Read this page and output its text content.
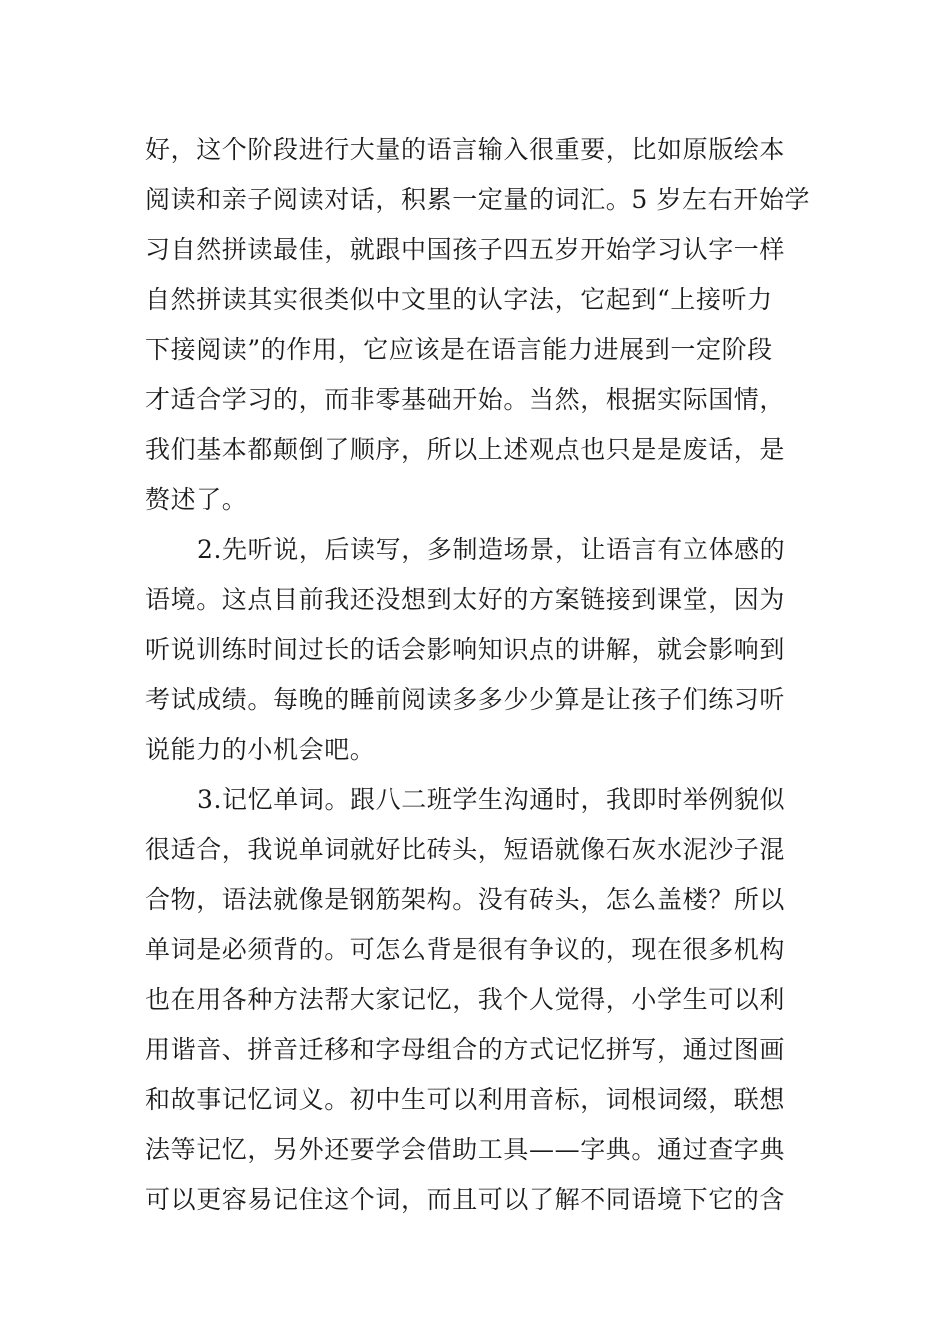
好，这个阶段进行大量的语言输入很重要，比如原版绘本
阅读和亲子阅读对话，积累一定量的词汇。5 岁左右开始学
习自然拼读最佳，就跟中国孩子四五岁开始学习认字一样
自然拼读其实很类似中文里的认字法，它起到“上接听力
下接阅读”的作用，它应该是在语言能力进展到一定阶段
才适合学习的，而非零基础开始。当然，根据实际国情，
我们基本都颠倒了顺序，所以上述观点也只是是废话，是
赘述了。
2.先听说，后读写，多制造场景，让语言有立体感的
语境。这点目前我还没想到太好的方案链接到课堂，因为
听说训练时间过长的话会影响知识点的讲解，就会影响到
考试成绩。每晚的睡前阅读多多少少算是让孩子们练习听
说能力的小机会吧。
3.记忆单词。跟八二班学生沟通时，我即时举例貌似
很适合，我说单词就好比砖头，短语就像石灰水泥沙子混
合物，语法就像是钢筋架构。没有砖头，怎么盖楼？所以
单词是必须背的。可怎么背是很有争议的，现在很多机构
也在用各种方法帮大家记忆，我个人觉得，小学生可以利
用谐音、拼音迁移和字母组合的方式记忆拼写，通过图画
和故事记忆词义。初中生可以利用音标，词根词缀，联想
法等记忆，另外还要学会借助工具——字典。通过查字典
可以更容易记住这个词，而且可以了解不同语境下它的含
